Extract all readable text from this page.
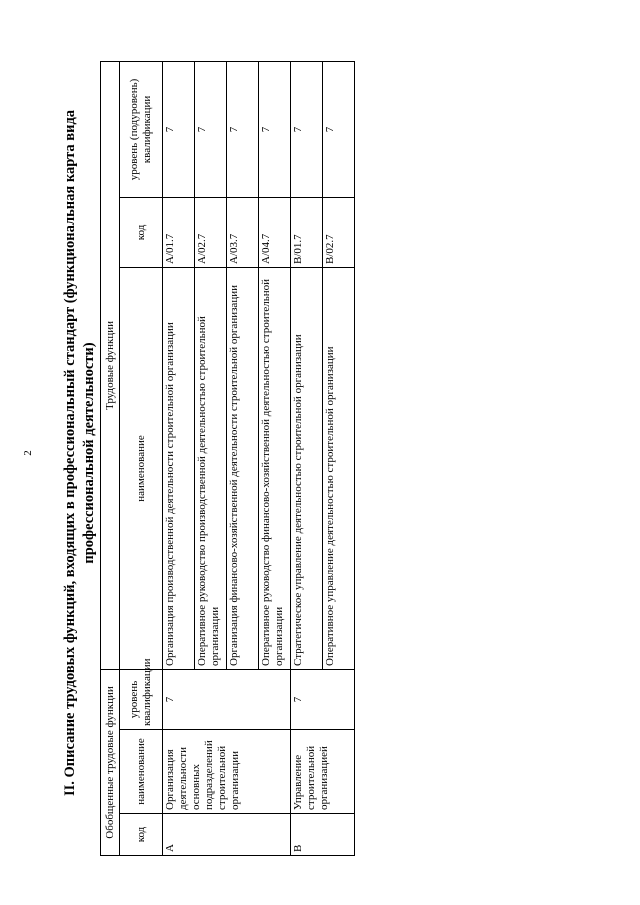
2 II. Описание трудовых функций, входящих в профессиональный стандарт (функциональная карта вида профессиональной деятельности)
Обобщенные трудовые функции			Трудовые функции		
код	наименование	уровень квалификации	наименование	код	уровень (подуровень) квалификации
A	Организация деятельности основных подразделений строительной организации	7	Организация производственной деятельности строительной организации	A/01.7	7
			Оперативное руководство производственной деятельностью строительной организации	A/02.7	7
			Организация финансово-хозяйственной деятельности строительной организации	A/03.7	7
			Оперативное руководство финансово-хозяйственной деятельностью строительной организации	A/04.7	7
B	Управление строительной организацией	7	Стратегическое управление деятельностью строительной организации	B/01.7	7
			Оперативное управление деятельностью строительной организации	B/02.7	7
